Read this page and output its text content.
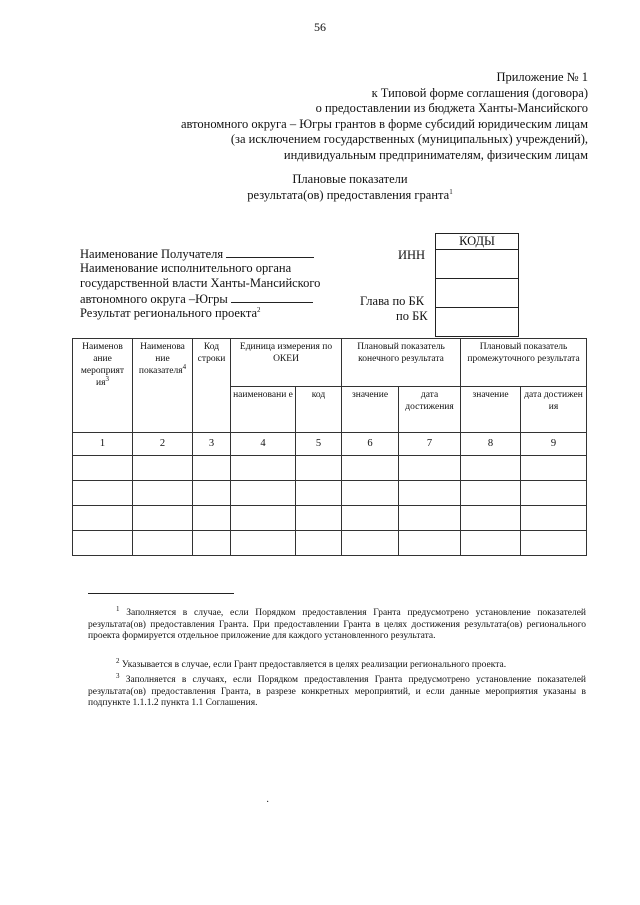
56
Приложение № 1
к Типовой форме соглашения (договора)
о предоставлении из бюджета Ханты-Мансийского
автономного округа – Югры грантов в форме субсидий юридическим лицам
(за исключением государственных (муниципальных) учреждений),
индивидуальным предпринимателям, физическим лицам
Плановые показатели
результата(ов) предоставления гранта$^1$
Наименование Получателя
Наименование исполнительного органа
государственной власти Ханты-Мансийского
автономного округа –Югры
Результат регионального проекта$^2$
ИНН
Глава по БК
по БК
КОДЫ
Наименов ание мероприят $ия^3$	Наименова ние показателя$^4$	Код строки	Единица измерения по ОКЕИ		Плановый показатель конечного результата		Плановый показатель промежуточного результата	
			наименовани е	код	значение	дата достижения	значение	дата достижен ия
1	2	3	4	5	6	7	8	9

$^1$ Заполняется в случае, если Порядком предоставления Гранта предусмотрено установление показателей результата(ов) предоставления Гранта. При предоставлении Гранта в целях достижения результата(ов) регионального проекта формируется отдельное приложение для каждого установленного результата.
$^2$ Указывается в случае, если Грант предоставляется в целях реализации регионального проекта.
$^3$ Заполняется в случаях, если Порядком предоставления Гранта предусмотрено установление показателей результата(ов) предоставления Гранта, в разрезе конкретных мероприятий, и если данные мероприятия указаны в подпункте 1.1.1.2 пункта 1.1 Соглашения.
·
